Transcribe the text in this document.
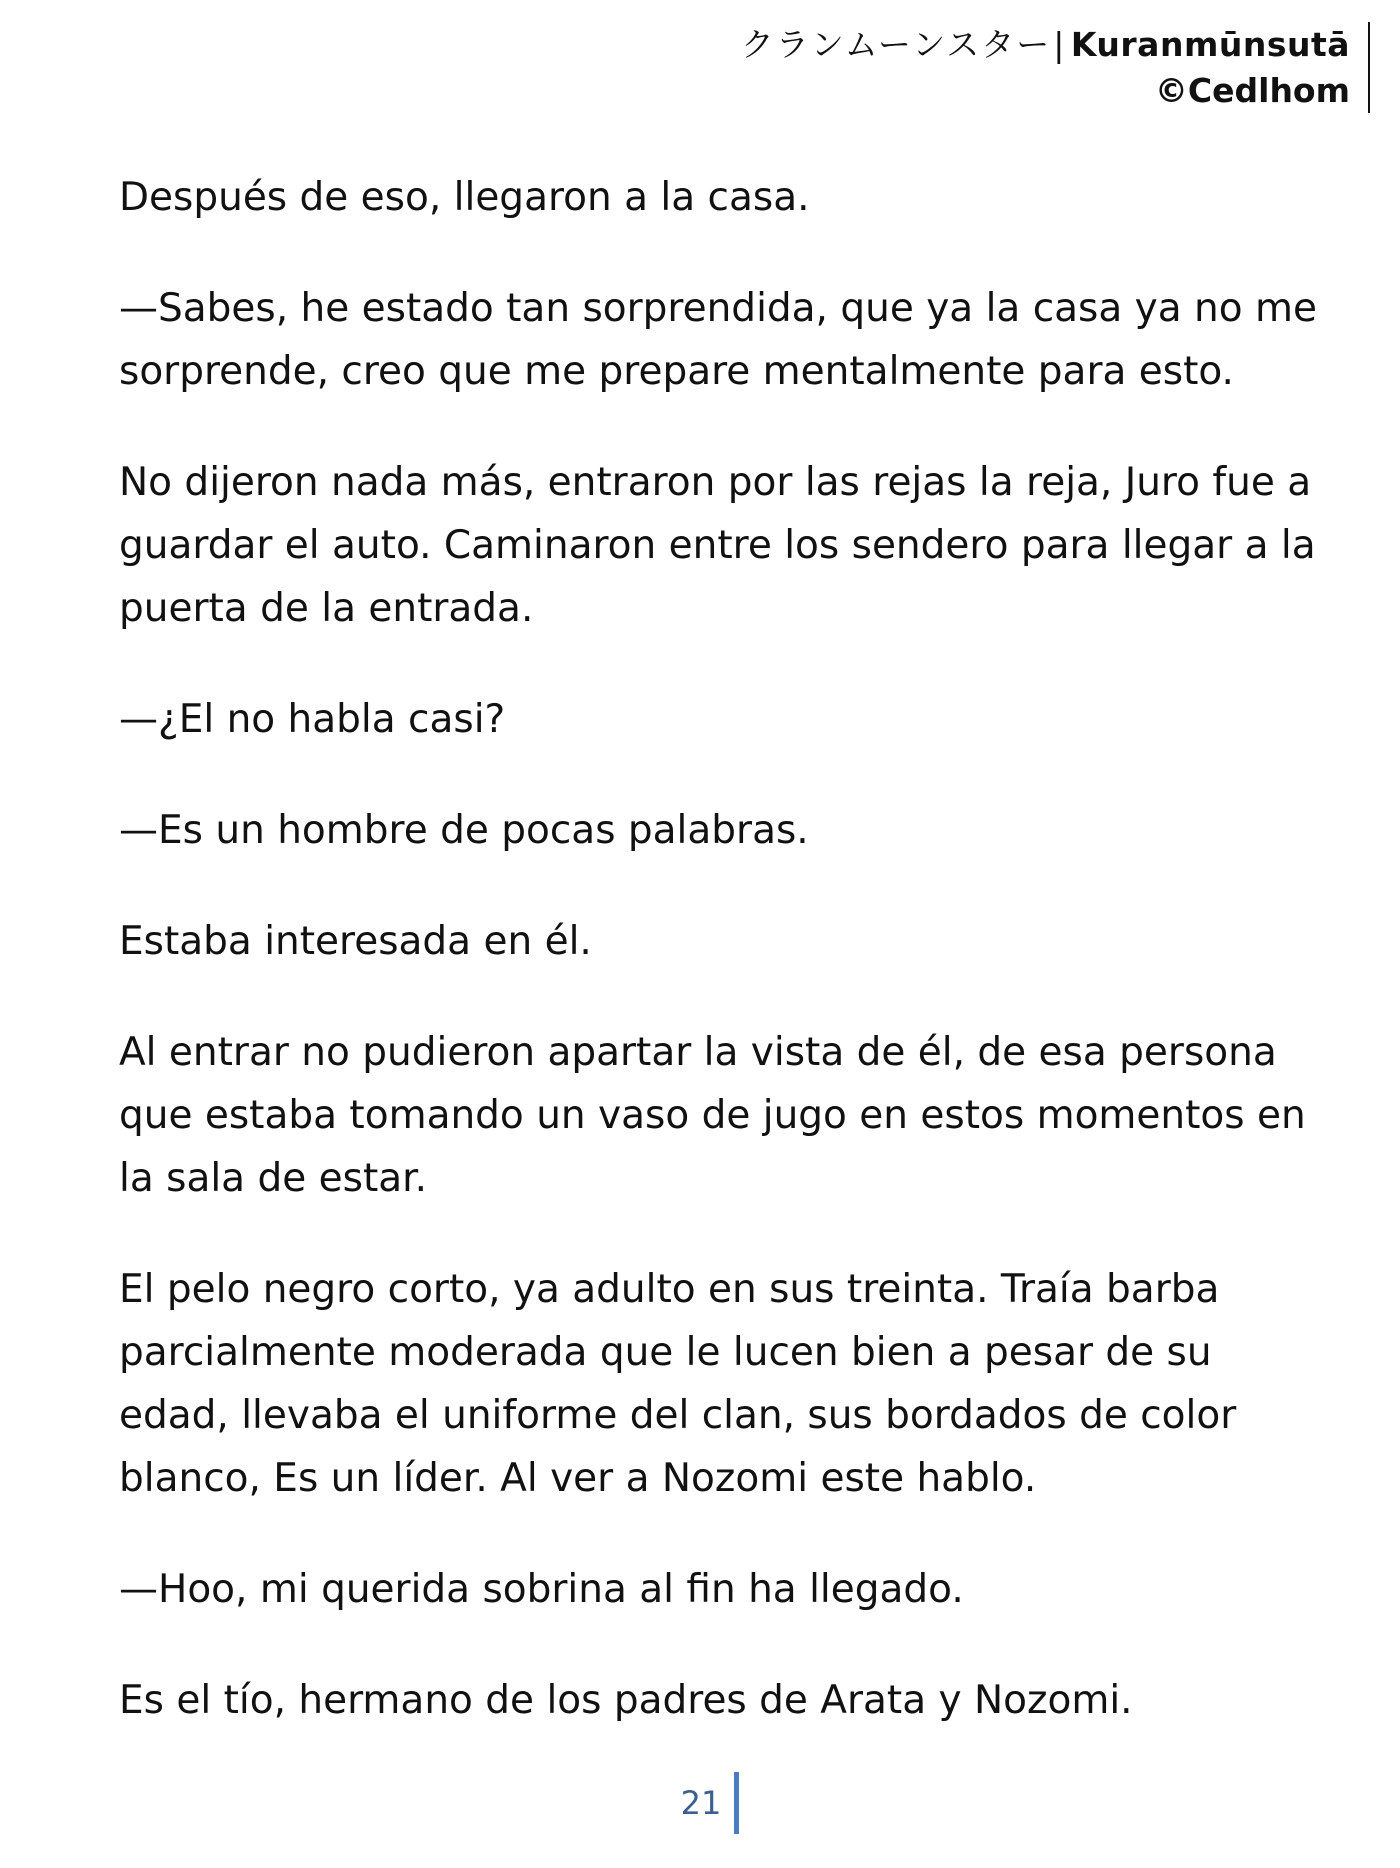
クランムーンスター| Kuranmūnsutā
©Cedlhom

Después de eso, llegaron a la casa.

—Sabes, he estado tan sorprendida, que ya la casa ya no me sorprende, creo que me prepare mentalmente para esto.

No dijeron nada más, entraron por las rejas la reja, Juro fue a guardar el auto. Caminaron entre los sendero para llegar a la puerta de la entrada.

—¿El no habla casi?

—Es un hombre de pocas palabras.

Estaba interesada en él.

Al entrar no pudieron apartar la vista de él, de esa persona que estaba tomando un vaso de jugo en estos momentos en la sala de estar.

El pelo negro corto, ya adulto en sus treinta. Traía barba parcialmente moderada que le lucen bien a pesar de su edad, llevaba el uniforme del clan, sus bordados de color blanco, Es un líder. Al ver a Nozomi este hablo.

—Hoo, mi querida sobrina al fin ha llegado.

Es el tío, hermano de los padres de Arata y Nozomi.

21
